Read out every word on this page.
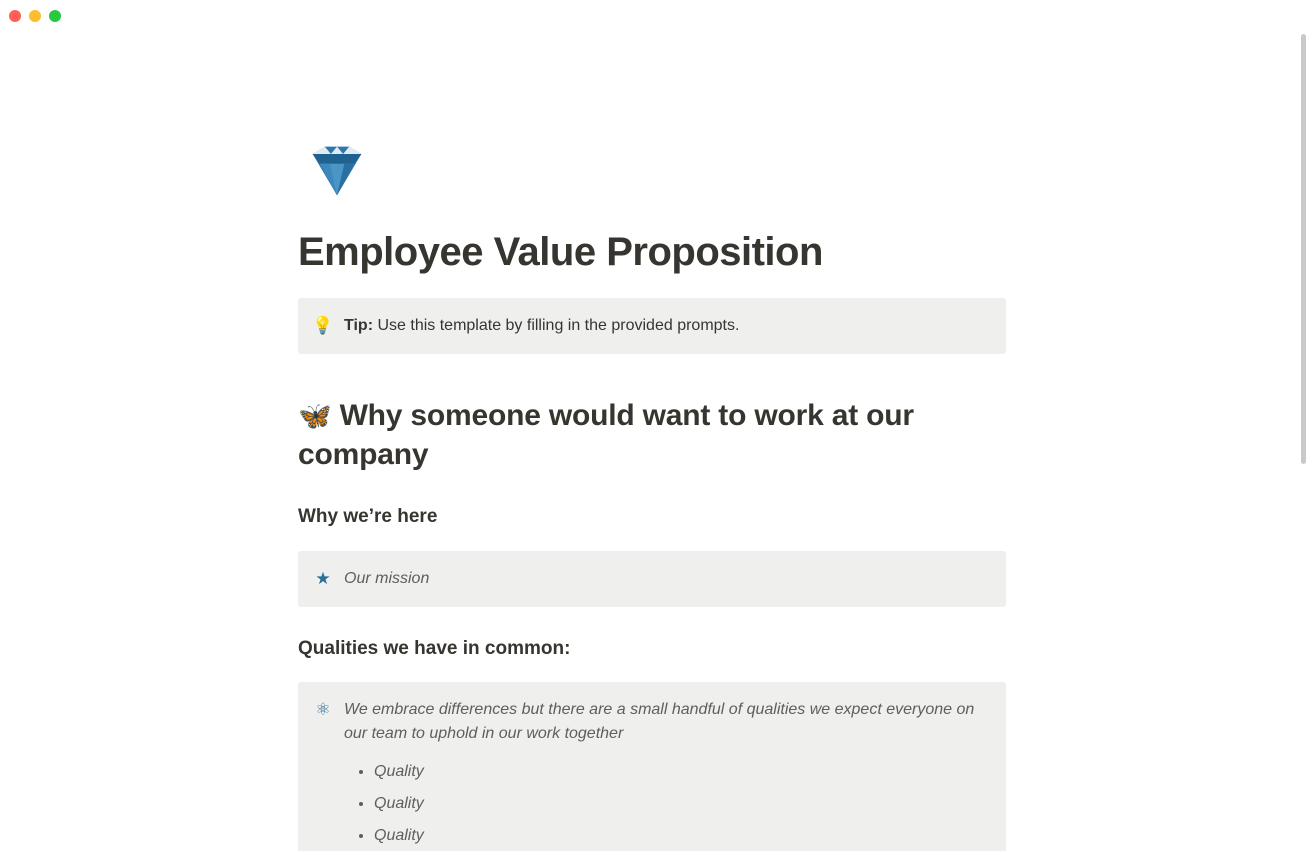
Employee Value Proposition
💡 Tip: Use this template by filling in the provided prompts.
🦋 Why someone would want to work at our company
Why we’re here
★ Our mission
Qualities we have in common:
⚛ We embrace differences but there are a small handful of qualities we expect everyone on our team to uphold in our work together
• Quality
• Quality
• Quality
